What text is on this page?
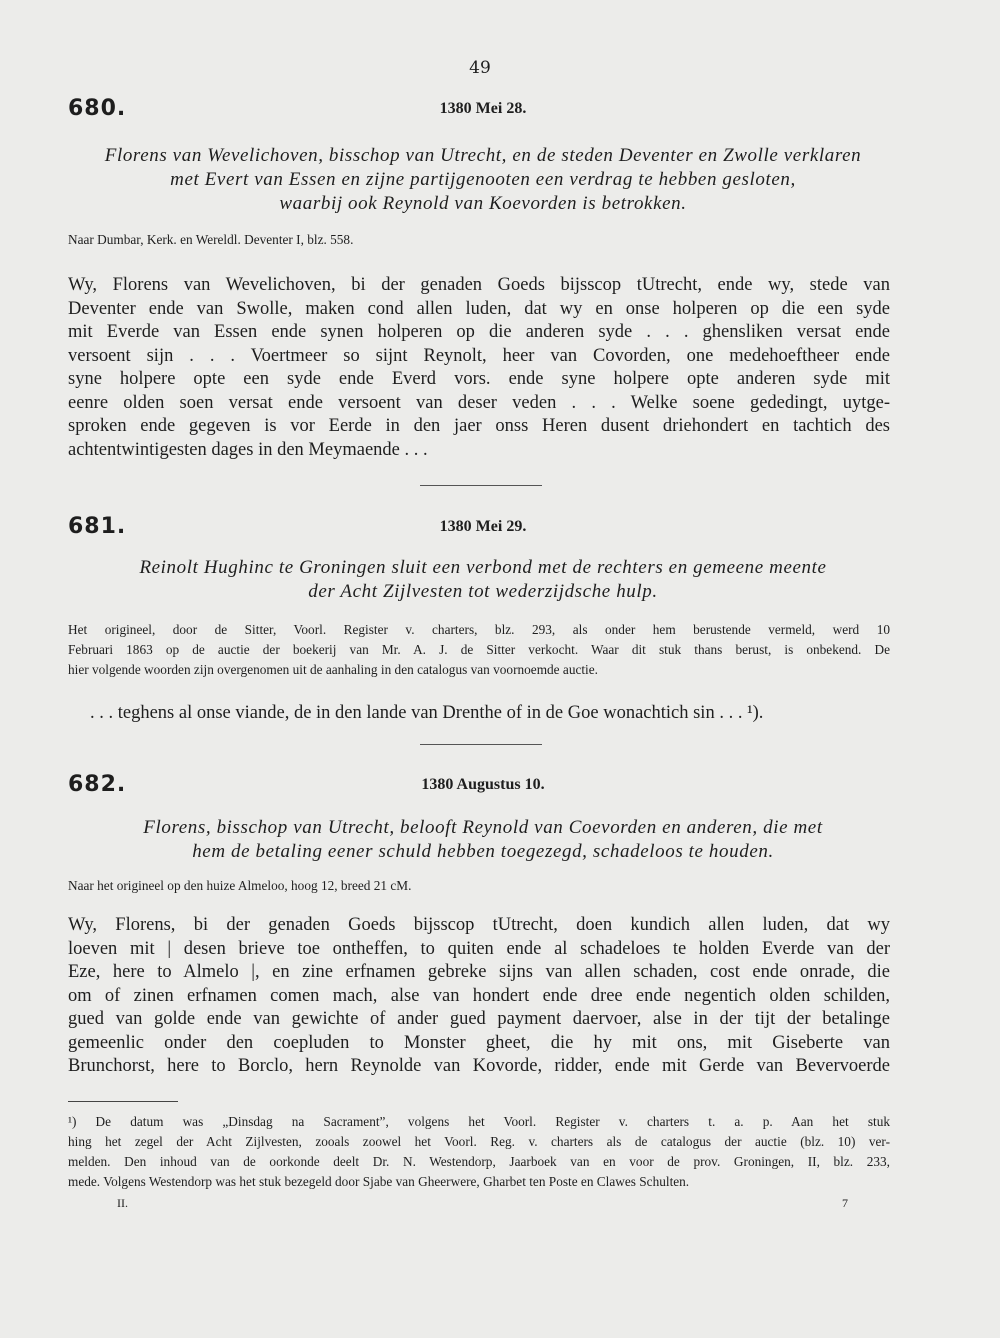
49
680.	1380 Mei 28.
Florens van Wevelichoven, bisschop van Utrecht, en de steden Deventer en Zwolle verklaren
met Evert van Essen en zijne partijgenooten een verdrag te hebben gesloten,
waarbij ook Reynold van Koevorden is betrokken.
Naar Dumbar, Kerk. en Wereldl. Deventer I, blz. 558.
Wy, Florens van Wevelichoven, bi der genaden Goeds bijsscop tUtrecht, ende wy, stede van
Deventer ende van Swolle, maken cond allen luden, dat wy en onse holperen op die een syde
mit Everde van Essen ende synen holperen op die anderen syde . . . ghensliken versat ende
versoent sijn . . . Voertmeer so sijnt Reynolt, heer van Covorden, one medehoeftheer ende
syne holpere opte een syde ende Everd vors. ende syne holpere opte anderen syde mit
eenre olden soen versat ende versoent van deser veden . . . Welke soene gededingt, uytge-
sproken ende gegeven is vor Eerde in den jaer onss Heren dusent driehondert en tachtich des
achtentwintigesten dages in den Meymaende . . .
681.	1380 Mei 29.
Reinolt Hughinc te Groningen sluit een verbond met de rechters en gemeene meente
der Acht Zijlvesten tot wederzijdsche hulp.
Het origineel, door de Sitter, Voorl. Register v. charters, blz. 293, als onder hem berustende vermeld, werd 10
Februari 1863 op de auctie der boekerij van Mr. A. J. de Sitter verkocht. Waar dit stuk thans berust, is onbekend. De
hier volgende woorden zijn overgenomen uit de aanhaling in den catalogus van voornoemde auctie.
. . . teghens al onse viande, de in den lande van Drenthe of in de Goe wonachtich sin . . . ¹).
682.	1380 Augustus 10.
Florens, bisschop van Utrecht, belooft Reynold van Coevorden en anderen, die met
hem de betaling eener schuld hebben toegezegd, schadeloos te houden.
Naar het origineel op den huize Almeloo, hoog 12, breed 21 cM.
Wy, Florens, bi der genaden Goeds bijsscop tUtrecht, doen kundich allen luden, dat wy
loeven mit | desen brieve toe ontheffen, to quiten ende al schadeloes te holden Everde van der
Eze, here to Almelo |, en zine erfnamen gebreke sijns van allen schaden, cost ende onrade, die
om of zinen erfnamen comen mach, alse van hondert ende dree ende negentich olden schilden,
gued van golde ende van gewichte of ander gued payment daervoer, alse in der tijt der betalinge
gemeenlic onder den coepluden to Monster gheet, die hy mit ons, mit Giseberte van
Brunchorst, here to Borclo, hern Reynolde van Kovorde, ridder, ende mit Gerde van Bevervoerde
¹) De datum was „Dinsdag na Sacrament”, volgens het Voorl. Register v. charters t. a. p. Aan het stuk
hing het zegel der Acht Zijlvesten, zooals zoowel het Voorl. Reg. v. charters als de catalogus der auctie (blz. 10) ver-
melden. Den inhoud van de oorkonde deelt Dr. N. Westendorp, Jaarboek van en voor de prov. Groningen, II, blz. 233,
mede. Volgens Westendorp was het stuk bezegeld door Sjabe van Gheerwere, Gharbet ten Poste en Clawes Schulten.
II.	7
